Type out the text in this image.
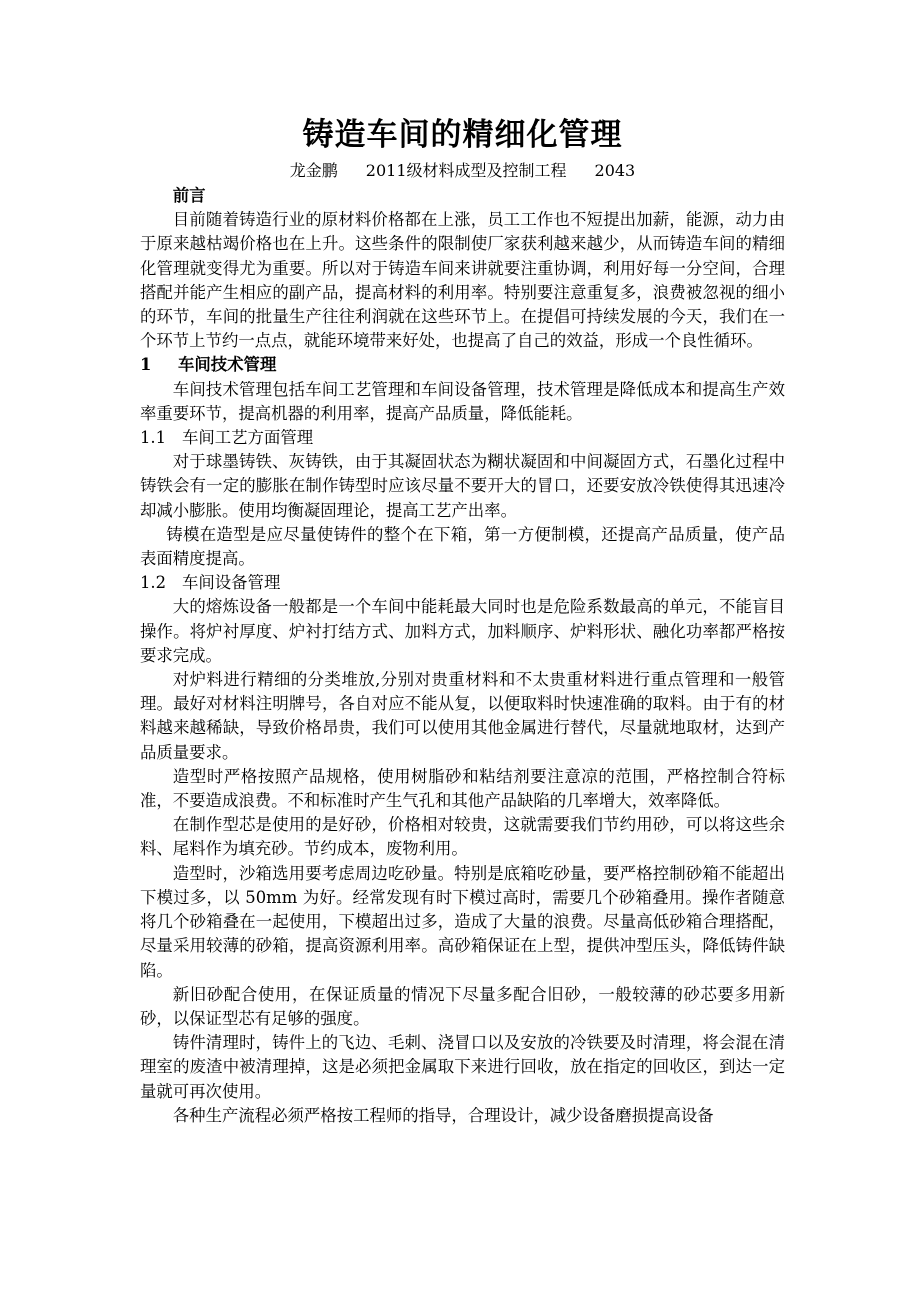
铸造车间的精细化管理
龙金鹏 2011级材料成型及控制工程 2043
前言

目前随着铸造行业的原材料价格都在上涨，员工工作也不短提出加薪，能源，动力由于原来越枯竭价格也在上升。这些条件的限制使厂家获利越来越少，从而铸造车间的精细化管理就变得尤为重要。所以对于铸造车间来讲就要注重协调，利用好每一分空间，合理搭配并能产生相应的副产品，提高材料的利用率。特别要注意重复多，浪费被忽视的细小的环节，车间的批量生产往往利润就在这些环节上。在提倡可持续发展的今天，我们在一个环节上节约一点点，就能环境带来好处，也提高了自己的效益，形成一个良性循环。

1 车间技术管理

车间技术管理包括车间工艺管理和车间设备管理，技术管理是降低成本和提高生产效率重要环节，提高机器的利用率，提高产品质量，降低能耗。

1.1 车间工艺方面管理

对于球墨铸铁、灰铸铁，由于其凝固状态为糊状凝固和中间凝固方式，石墨化过程中铸铁会有一定的膨胀在制作铸型时应该尽量不要开大的冒口，还要安放冷铁使得其迅速冷却减小膨胀。使用均衡凝固理论，提高工艺产出率。

铸模在造型是应尽量使铸件的整个在下箱，第一方便制模，还提高产品质量，使产品表面精度提高。

1.2 车间设备管理

大的熔炼设备一般都是一个车间中能耗最大同时也是危险系数最高的单元，不能盲目操作。将炉衬厚度、炉衬打结方式、加料方式，加料顺序、炉料形状、融化功率都严格按要求完成。

对炉料进行精细的分类堆放,分别对贵重材料和不太贵重材料进行重点管理和一般管理。最好对材料注明牌号，各自对应不能从复，以便取料时快速准确的取料。由于有的材料越来越稀缺，导致价格昂贵，我们可以使用其他金属进行替代，尽量就地取材，达到产品质量要求。

造型时严格按照产品规格，使用树脂砂和粘结剂要注意凉的范围，严格控制合符标准，不要造成浪费。不和标准时产生气孔和其他产品缺陷的几率增大，效率降低。

在制作型芯是使用的是好砂，价格相对较贵，这就需要我们节约用砂，可以将这些余料、尾料作为填充砂。节约成本，废物利用。

造型时，沙箱选用要考虑周边吃砂量。特别是底箱吃砂量，要严格控制砂箱不能超出下模过多，以 50mm 为好。经常发现有时下模过高时，需要几个砂箱叠用。操作者随意将几个砂箱叠在一起使用，下模超出过多，造成了大量的浪费。尽量高低砂箱合理搭配，尽量采用较薄的砂箱，提高资源利用率。高砂箱保证在上型，提供冲型压头，降低铸件缺陷。

新旧砂配合使用，在保证质量的情况下尽量多配合旧砂，一般较薄的砂芯要多用新砂，以保证型芯有足够的强度。

铸件清理时，铸件上的飞边、毛刺、浇冒口以及安放的冷铁要及时清理，将会混在清理室的废渣中被清理掉，这是必须把金属取下来进行回收，放在指定的回收区，到达一定量就可再次使用。

各种生产流程必须严格按工程师的指导，合理设计，减少设备磨损提高设备
